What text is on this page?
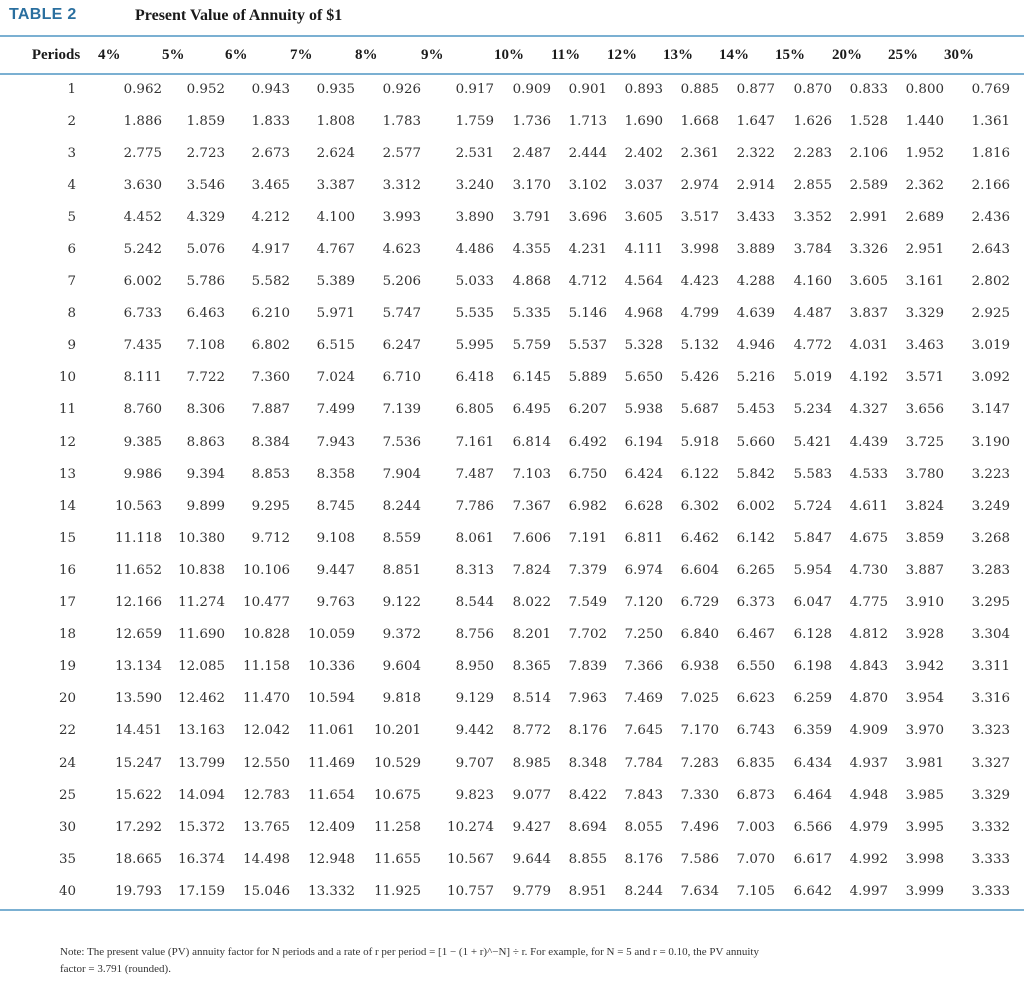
TABLE 2	Present Value of Annuity of $1
Periods	4%	5%	6%	7%	8%	9%	10%	11%	12%	13%	14%	15%	20%	25%	30%
1	0.962	0.952	0.943	0.935	0.926	0.917	0.909	0.901	0.893	0.885	0.877	0.870	0.833	0.800	0.769
2	1.886	1.859	1.833	1.808	1.783	1.759	1.736	1.713	1.690	1.668	1.647	1.626	1.528	1.440	1.361
3	2.775	2.723	2.673	2.624	2.577	2.531	2.487	2.444	2.402	2.361	2.322	2.283	2.106	1.952	1.816
4	3.630	3.546	3.465	3.387	3.312	3.240	3.170	3.102	3.037	2.974	2.914	2.855	2.589	2.362	2.166
5	4.452	4.329	4.212	4.100	3.993	3.890	3.791	3.696	3.605	3.517	3.433	3.352	2.991	2.689	2.436
6	5.242	5.076	4.917	4.767	4.623	4.486	4.355	4.231	4.111	3.998	3.889	3.784	3.326	2.951	2.643
7	6.002	5.786	5.582	5.389	5.206	5.033	4.868	4.712	4.564	4.423	4.288	4.160	3.605	3.161	2.802
8	6.733	6.463	6.210	5.971	5.747	5.535	5.335	5.146	4.968	4.799	4.639	4.487	3.837	3.329	2.925
9	7.435	7.108	6.802	6.515	6.247	5.995	5.759	5.537	5.328	5.132	4.946	4.772	4.031	3.463	3.019
10	8.111	7.722	7.360	7.024	6.710	6.418	6.145	5.889	5.650	5.426	5.216	5.019	4.192	3.571	3.092
11	8.760	8.306	7.887	7.499	7.139	6.805	6.495	6.207	5.938	5.687	5.453	5.234	4.327	3.656	3.147
12	9.385	8.863	8.384	7.943	7.536	7.161	6.814	6.492	6.194	5.918	5.660	5.421	4.439	3.725	3.190
13	9.986	9.394	8.853	8.358	7.904	7.487	7.103	6.750	6.424	6.122	5.842	5.583	4.533	3.780	3.223
14	10.563	9.899	9.295	8.745	8.244	7.786	7.367	6.982	6.628	6.302	6.002	5.724	4.611	3.824	3.249
15	11.118	10.380	9.712	9.108	8.559	8.061	7.606	7.191	6.811	6.462	6.142	5.847	4.675	3.859	3.268
16	11.652	10.838	10.106	9.447	8.851	8.313	7.824	7.379	6.974	6.604	6.265	5.954	4.730	3.887	3.283
17	12.166	11.274	10.477	9.763	9.122	8.544	8.022	7.549	7.120	6.729	6.373	6.047	4.775	3.910	3.295
18	12.659	11.690	10.828	10.059	9.372	8.756	8.201	7.702	7.250	6.840	6.467	6.128	4.812	3.928	3.304
19	13.134	12.085	11.158	10.336	9.604	8.950	8.365	7.839	7.366	6.938	6.550	6.198	4.843	3.942	3.311
20	13.590	12.462	11.470	10.594	9.818	9.129	8.514	7.963	7.469	7.025	6.623	6.259	4.870	3.954	3.316
22	14.451	13.163	12.042	11.061	10.201	9.442	8.772	8.176	7.645	7.170	6.743	6.359	4.909	3.970	3.323
24	15.247	13.799	12.550	11.469	10.529	9.707	8.985	8.348	7.784	7.283	6.835	6.434	4.937	3.981	3.327
25	15.622	14.094	12.783	11.654	10.675	9.823	9.077	8.422	7.843	7.330	6.873	6.464	4.948	3.985	3.329
30	17.292	15.372	13.765	12.409	11.258	10.274	9.427	8.694	8.055	7.496	7.003	6.566	4.979	3.995	3.332
35	18.665	16.374	14.498	12.948	11.655	10.567	9.644	8.855	8.176	7.586	7.070	6.617	4.992	3.998	3.333
40	19.793	17.159	15.046	13.332	11.925	10.757	9.779	8.951	8.244	7.634	7.105	6.642	4.997	3.999	3.333
Note: The present value (PV) annuity factor for N periods and a rate of r per period = [1 − (1 + r)^−N] ÷ r. For example, for N = 5 and r = 0.10, the PV annuity
factor = 3.791 (rounded).
